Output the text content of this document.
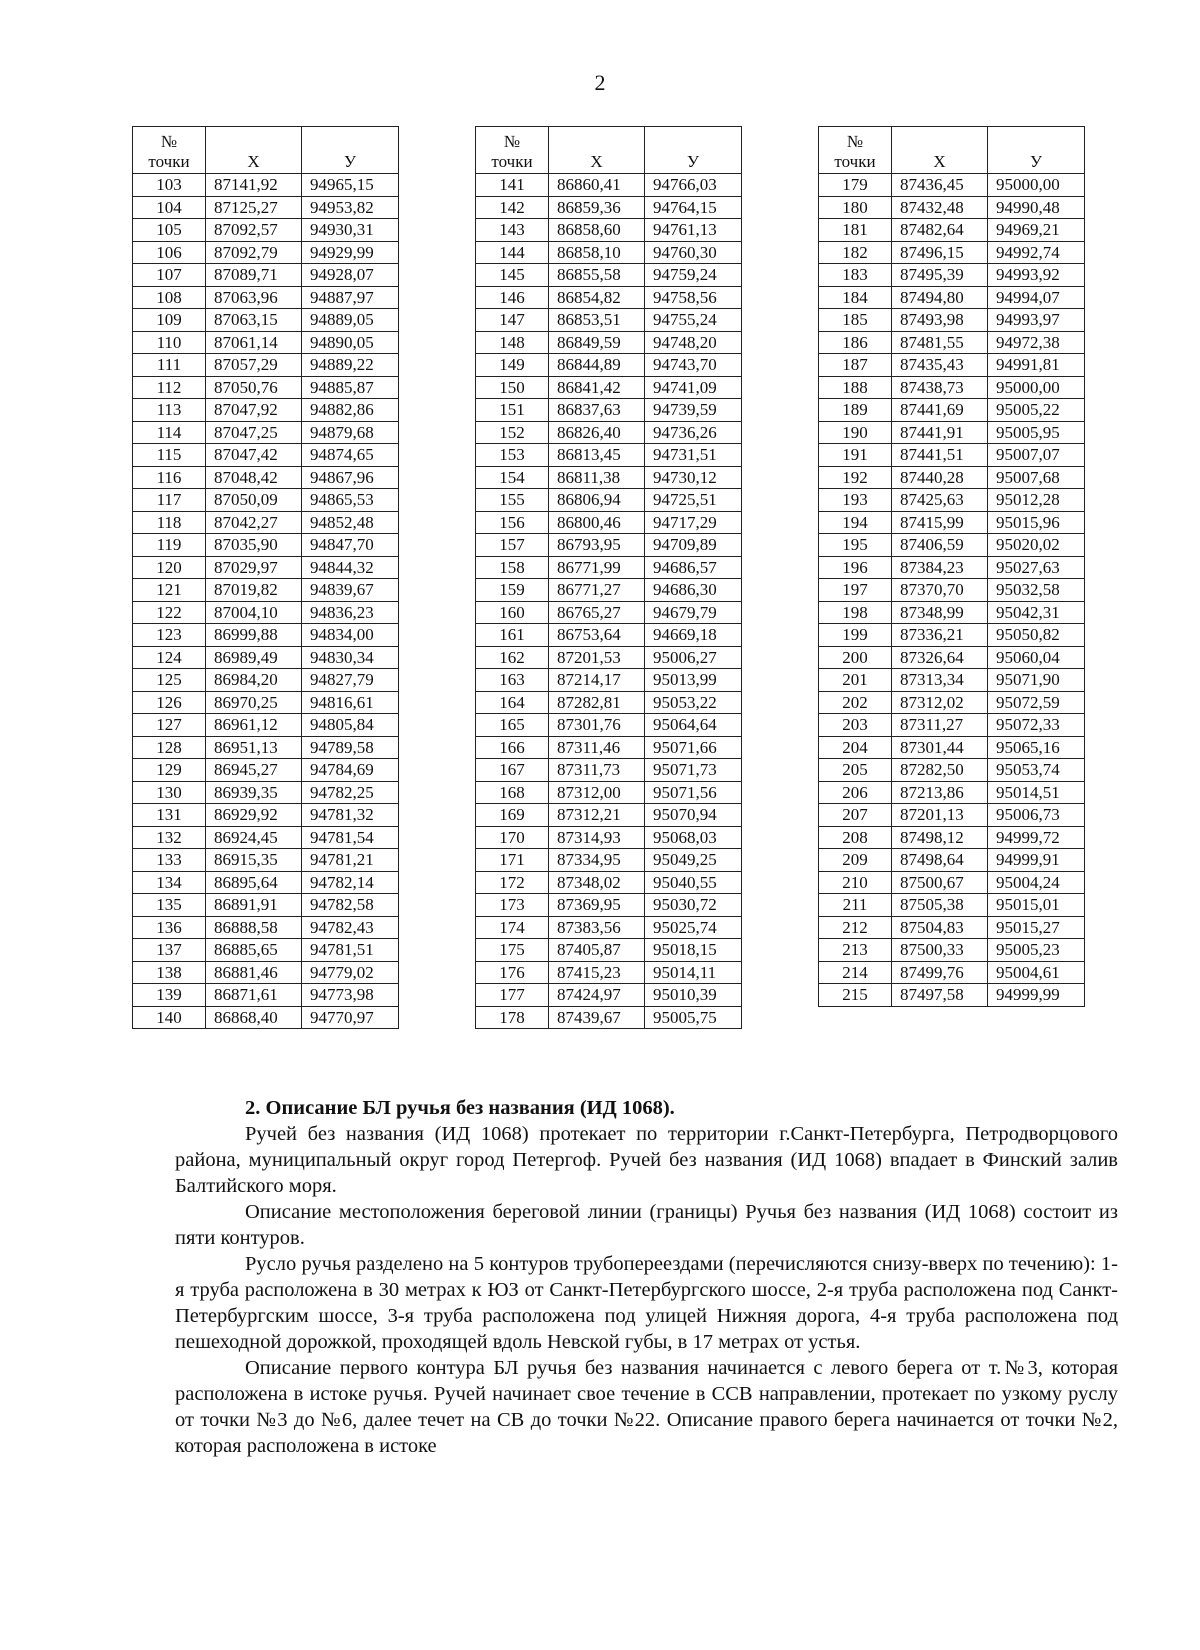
2
№
точки	X	У
103	87141,92	94965,15
104	87125,27	94953,82
105	87092,57	94930,31
106	87092,79	94929,99
107	87089,71	94928,07
108	87063,96	94887,97
109	87063,15	94889,05
110	87061,14	94890,05
111	87057,29	94889,22
112	87050,76	94885,87
113	87047,92	94882,86
114	87047,25	94879,68
115	87047,42	94874,65
116	87048,42	94867,96
117	87050,09	94865,53
118	87042,27	94852,48
119	87035,90	94847,70
120	87029,97	94844,32
121	87019,82	94839,67
122	87004,10	94836,23
123	86999,88	94834,00
124	86989,49	94830,34
125	86984,20	94827,79
126	86970,25	94816,61
127	86961,12	94805,84
128	86951,13	94789,58
129	86945,27	94784,69
130	86939,35	94782,25
131	86929,92	94781,32
132	86924,45	94781,54
133	86915,35	94781,21
134	86895,64	94782,14
135	86891,91	94782,58
136	86888,58	94782,43
137	86885,65	94781,51
138	86881,46	94779,02
139	86871,61	94773,98
140	86868,40	94770,97
№
точки	X	У
141	86860,41	94766,03
142	86859,36	94764,15
143	86858,60	94761,13
144	86858,10	94760,30
145	86855,58	94759,24
146	86854,82	94758,56
147	86853,51	94755,24
148	86849,59	94748,20
149	86844,89	94743,70
150	86841,42	94741,09
151	86837,63	94739,59
152	86826,40	94736,26
153	86813,45	94731,51
154	86811,38	94730,12
155	86806,94	94725,51
156	86800,46	94717,29
157	86793,95	94709,89
158	86771,99	94686,57
159	86771,27	94686,30
160	86765,27	94679,79
161	86753,64	94669,18
162	87201,53	95006,27
163	87214,17	95013,99
164	87282,81	95053,22
165	87301,76	95064,64
166	87311,46	95071,66
167	87311,73	95071,73
168	87312,00	95071,56
169	87312,21	95070,94
170	87314,93	95068,03
171	87334,95	95049,25
172	87348,02	95040,55
173	87369,95	95030,72
174	87383,56	95025,74
175	87405,87	95018,15
176	87415,23	95014,11
177	87424,97	95010,39
178	87439,67	95005,75
№
точки	X	У
179	87436,45	95000,00
180	87432,48	94990,48
181	87482,64	94969,21
182	87496,15	94992,74
183	87495,39	94993,92
184	87494,80	94994,07
185	87493,98	94993,97
186	87481,55	94972,38
187	87435,43	94991,81
188	87438,73	95000,00
189	87441,69	95005,22
190	87441,91	95005,95
191	87441,51	95007,07
192	87440,28	95007,68
193	87425,63	95012,28
194	87415,99	95015,96
195	87406,59	95020,02
196	87384,23	95027,63
197	87370,70	95032,58
198	87348,99	95042,31
199	87336,21	95050,82
200	87326,64	95060,04
201	87313,34	95071,90
202	87312,02	95072,59
203	87311,27	95072,33
204	87301,44	95065,16
205	87282,50	95053,74
206	87213,86	95014,51
207	87201,13	95006,73
208	87498,12	94999,72
209	87498,64	94999,91
210	87500,67	95004,24
211	87505,38	95015,01
212	87504,83	95015,27
213	87500,33	95005,23
214	87499,76	95004,61
215	87497,58	94999,99
2. Описание БЛ ручья без названия (ИД 1068).

Ручей без названия (ИД 1068) протекает по территории г.Санкт-Петербурга, Петродворцового района, муниципальный округ город Петергоф. Ручей без названия (ИД 1068) впадает в Финский залив Балтийского моря.

Описание местоположения береговой линии (границы) Ручья без названия (ИД 1068) состоит из пяти контуров.

Русло ручья разделено на 5 контуров трубопереездами (перечисляются снизу-вверх по течению): 1-я труба расположена в 30 метрах к ЮЗ от Санкт-Петербургского шоссе, 2-я труба расположена под Санкт-Петербургским шоссе, 3-я труба расположена под улицей Нижняя дорога, 4-я труба расположена под пешеходной дорожкой, проходящей вдоль Невской губы, в 17 метрах от устья.

Описание первого контура БЛ ручья без названия начинается с левого берега от т.№3, которая расположена в истоке ручья. Ручей начинает свое течение в ССВ направлении, протекает по узкому руслу от точки №3 до №6, далее течет на СВ до точки №22. Описание правого берега начинается от точки №2, которая расположена в истоке
